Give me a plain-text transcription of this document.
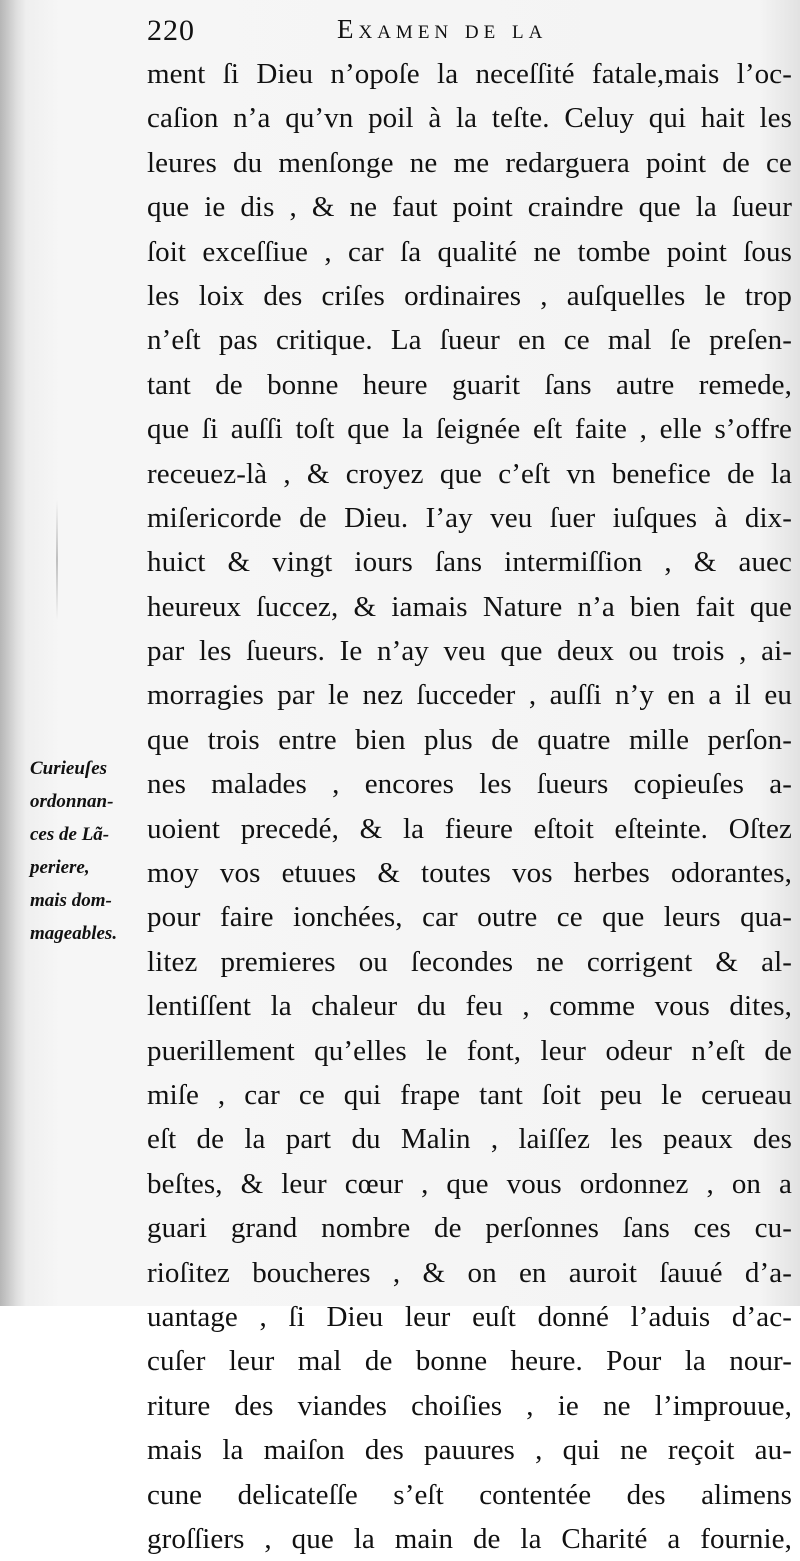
220	Examen de la
ment ſi Dieu n’opoſe la neceſſité fatale,mais l’oc-
caſion n’a qu’vn poil à la teſte. Celuy qui hait les
leures du menſonge ne me redarguera point de ce
que ie dis , & ne faut point craindre que la ſueur
ſoit exceſſiue , car ſa qualité ne tombe point ſous
les loix des criſes ordinaires , auſquelles le trop
n’eſt pas critique. La ſueur en ce mal ſe preſen-
tant de bonne heure guarit ſans autre remede,
que ſi auſſi toſt que la ſeignée eſt faite , elle s’offre
receuez-là , & croyez que c’eſt vn benefice de la
miſericorde de Dieu. I’ay veu ſuer iuſques à dix-
huict & vingt iours ſans intermiſſion , & auec
heureux ſuccez, & iamais Nature n’a bien fait que
par les ſueurs. Ie n’ay veu que deux ou trois , ai-
morragies par le nez ſucceder , auſſi n’y en a il eu
que trois entre bien plus de quatre mille perſon-
nes malades , encores les ſueurs copieuſes a-
uoient precedé, & la fieure eſtoit eſteinte. Oſtez
moy vos etuues & toutes vos herbes odorantes,
pour faire ionchées, car outre ce que leurs qua-
litez premieres ou ſecondes ne corrigent & al-
lentiſſent la chaleur du feu , comme vous dites,
puerillement qu’elles le font, leur odeur n’eſt de
miſe , car ce qui frape tant ſoit peu le cerueau
eſt de la part du Malin , laiſſez les peaux des
beſtes, & leur cœur , que vous ordonnez , on a
guari grand nombre de perſonnes ſans ces cu-
rioſitez boucheres , & on en auroit ſauué d’a-
uantage , ſi Dieu leur euſt donné l’aduis d’ac-
cuſer leur mal de bonne heure. Pour la nour-
riture des viandes choiſies , ie ne l’improuue,
mais la maiſon des pauures , qui ne reçoit au-
cune delicateſſe s’eſt contentée des alimens
groſſiers , que la main de la Charité a fournie,
Curieuſes
ordonnan-
ces de Lã-
periere,
mais dom-
mageables.
